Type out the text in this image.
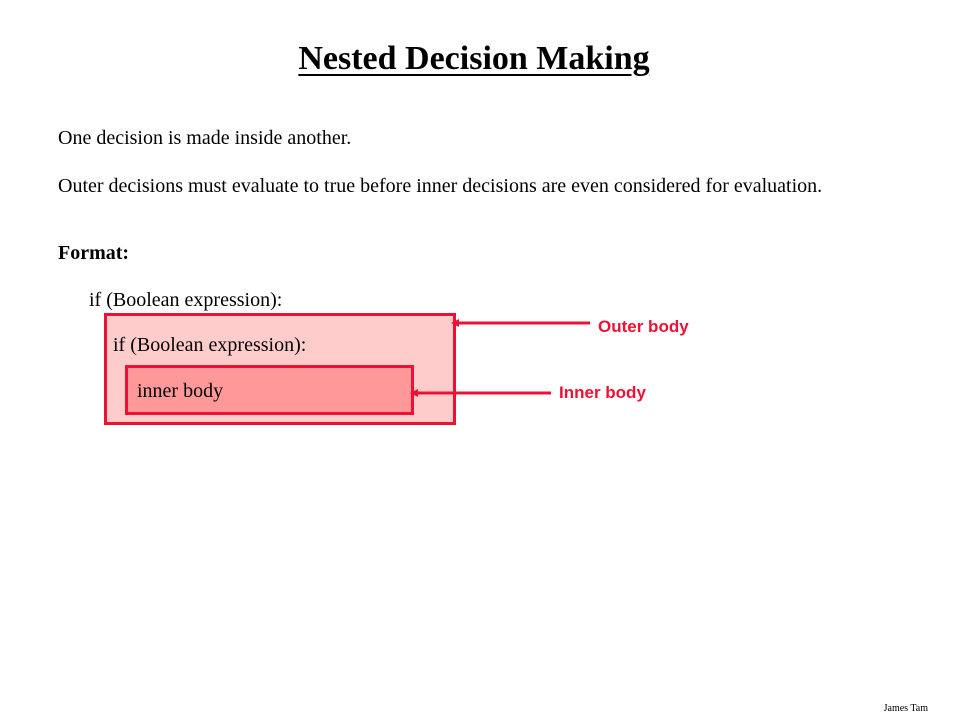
Nested Decision Making
One decision is made inside another.
Outer decisions must evaluate to true before inner decisions are even considered for evaluation.
Format:
if (Boolean expression):
if (Boolean expression):
inner body
Outer body
Inner body
James Tam
